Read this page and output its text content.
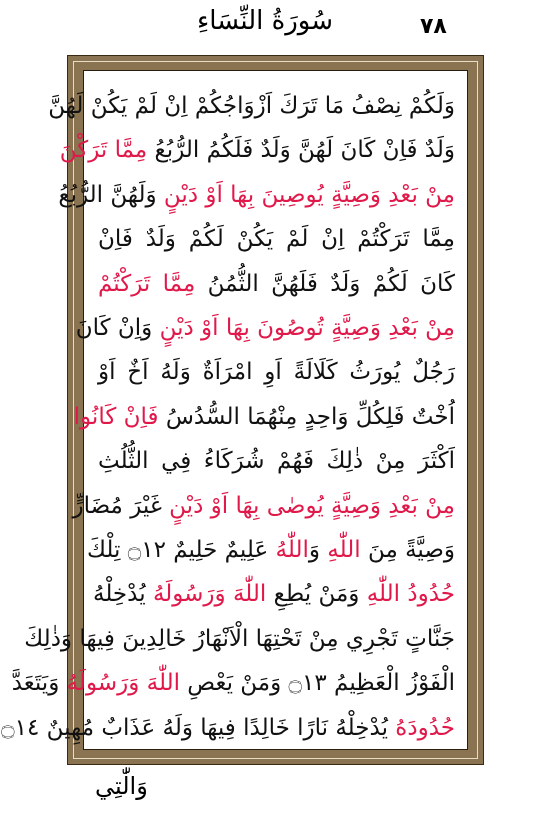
٧٨
سُورَةُ النِّسَاءِ
وَلَكُمْ نِصْفُ مَا تَرَكَ اَزْوَاجُكُمْ اِنْ لَمْ يَكُنْ لَهُنَّ
وَلَدٌ فَاِنْ كَانَ لَهُنَّ وَلَدٌ فَلَكُمُ الرُّبُعُ مِمَّا تَرَكْنَ
مِنْ بَعْدِ وَصِيَّةٍ يُوصِينَ بِهَا اَوْ دَيْنٍ وَلَهُنَّ الرُّبُعُ
مِمَّا تَرَكْتُمْ اِنْ لَمْ يَكُنْ لَكُمْ وَلَدٌ فَاِنْ
كَانَ لَكُمْ وَلَدٌ فَلَهُنَّ الثُّمُنُ مِمَّا تَرَكْتُمْ
مِنْ بَعْدِ وَصِيَّةٍ تُوصُونَ بِهَا اَوْ دَيْنٍ وَاِنْ كَانَ
رَجُلٌ يُورَثُ كَلَالَةً اَوِ امْرَاَةٌ وَلَهُ اَخٌ اَوْ
اُخْتٌ فَلِكُلِّ وَاحِدٍ مِنْهُمَا السُّدُسُ فَاِنْ كَانُوا
اَكْثَرَ مِنْ ذٰلِكَ فَهُمْ شُرَكَاءُ فِي الثُّلُثِ
مِنْ بَعْدِ وَصِيَّةٍ يُوصٰى بِهَا اَوْ دَيْنٍ غَيْرَ مُضَارٍّ
وَصِيَّةً مِنَ اللّٰهِ وَاللّٰهُ عَلِيمٌ حَلِيمٌ ۝١٢ تِلْكَ
حُدُودُ اللّٰهِ وَمَنْ يُطِعِ اللّٰهَ وَرَسُولَهُ يُدْخِلْهُ
جَنَّاتٍ تَجْرِي مِنْ تَحْتِهَا الْاَنْهَارُ خَالِدِينَ فِيهَا وَذٰلِكَ
الْفَوْزُ الْعَظِيمُ ۝١٣ وَمَنْ يَعْصِ اللّٰهَ وَرَسُولَهُ وَيَتَعَدَّ
حُدُودَهُ يُدْخِلْهُ نَارًا خَالِدًا فِيهَا وَلَهُ عَذَابٌ مُهِينٌ ۝١٤
وَالّٰتِي
